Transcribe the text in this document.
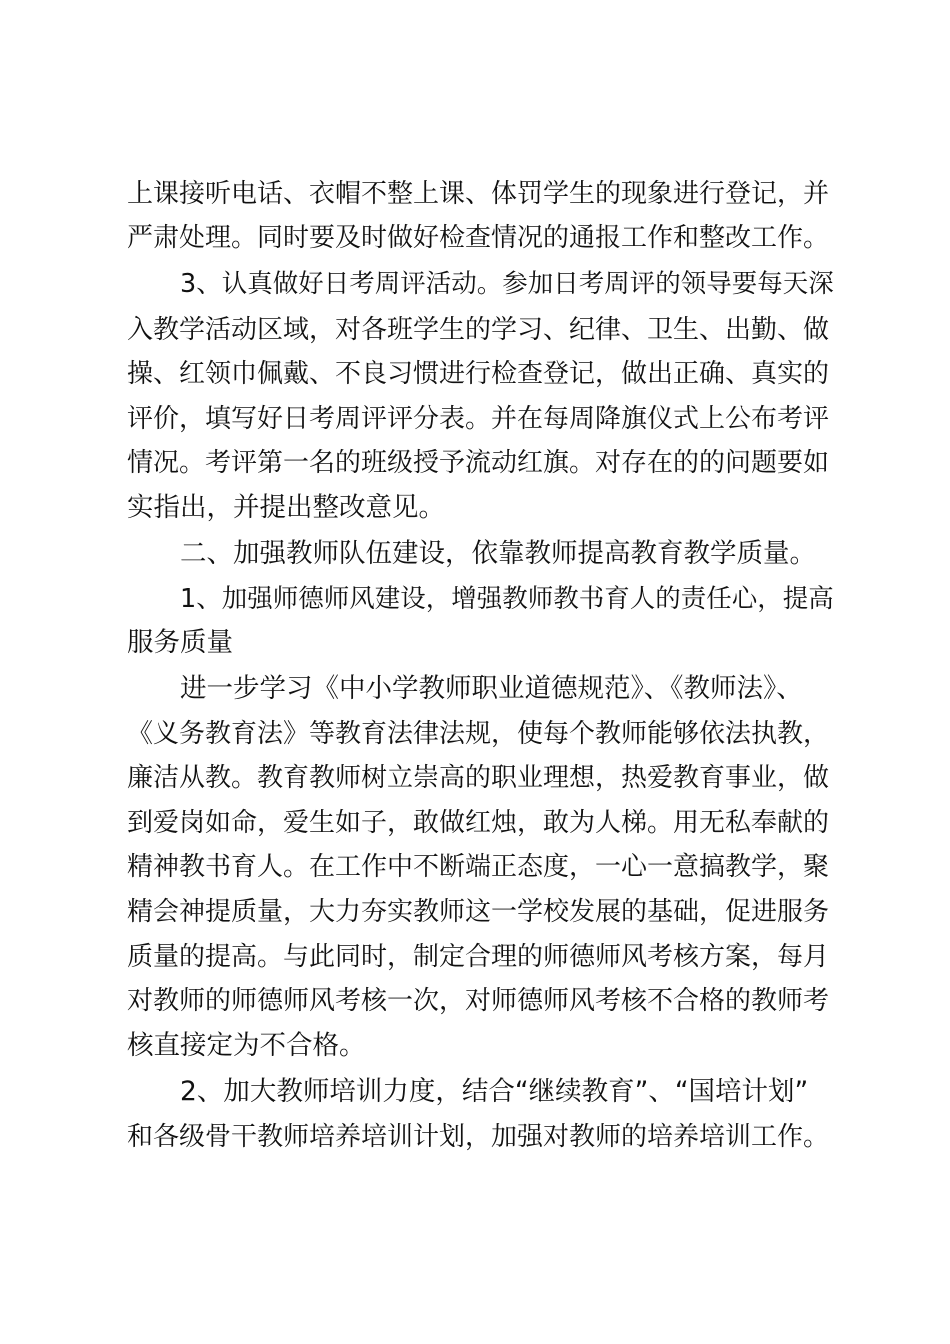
上课接听电话、衣帽不整上课、体罚学生的现象进行登记，并
严肃处理。同时要及时做好检查情况的通报工作和整改工作。
3、认真做好日考周评活动。参加日考周评的领导要每天深
入教学活动区域，对各班学生的学习、纪律、卫生、出勤、做
操、红领巾佩戴、不良习惯进行检查登记，做出正确、真实的
评价，填写好日考周评评分表。并在每周降旗仪式上公布考评
情况。考评第一名的班级授予流动红旗。对存在的的问题要如
实指出，并提出整改意见。
二、加强教师队伍建设，依靠教师提高教育教学质量。
1、加强师德师风建设，增强教师教书育人的责任心，提高
服务质量
进一步学习《中小学教师职业道德规范》、《教师法》、
《义务教育法》等教育法律法规，使每个教师能够依法执教，
廉洁从教。教育教师树立崇高的职业理想，热爱教育事业，做
到爱岗如命，爱生如子，敢做红烛，敢为人梯。用无私奉献的
精神教书育人。在工作中不断端正态度，一心一意搞教学，聚
精会神提质量，大力夯实教师这一学校发展的基础，促进服务
质量的提高。与此同时，制定合理的师德师风考核方案，每月
对教师的师德师风考核一次，对师德师风考核不合格的教师考
核直接定为不合格。
2、加大教师培训力度，结合“继续教育”、“国培计划”
和各级骨干教师培养培训计划，加强对教师的培养培训工作。
